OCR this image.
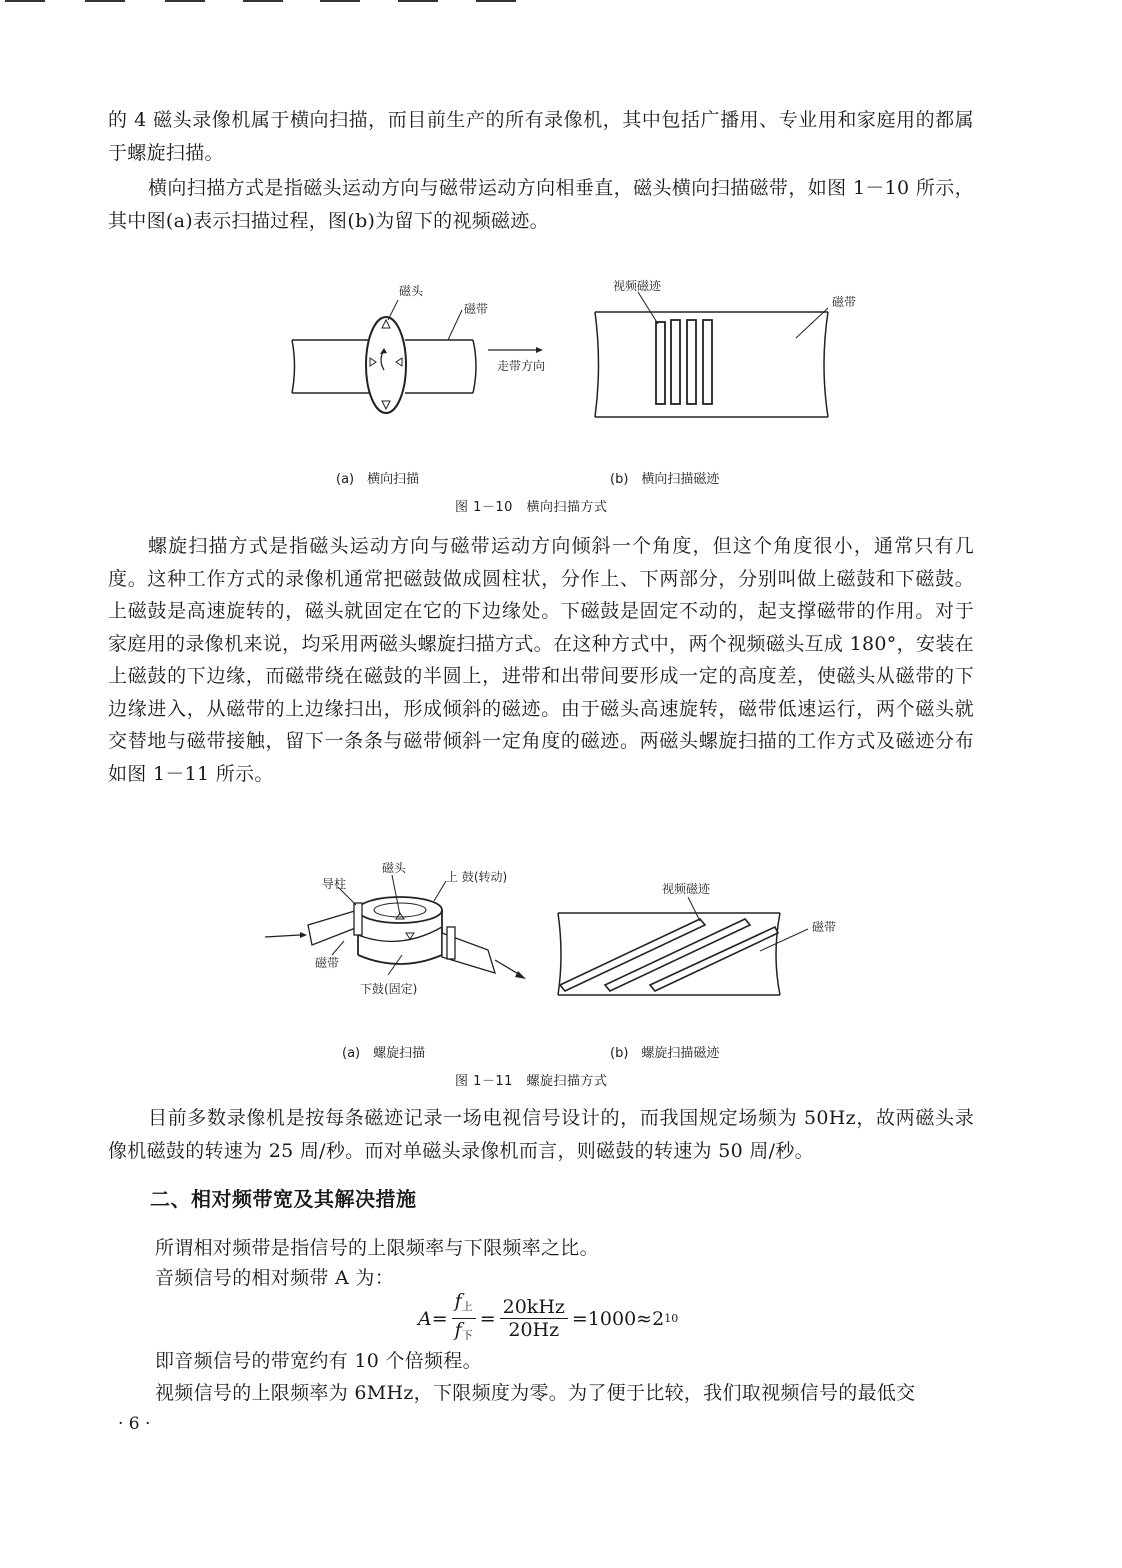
的 4 磁头录像机属于横向扫描，而目前生产的所有录像机，其中包括广播用、专业用和家庭用的都属于螺旋扫描。

横向扫描方式是指磁头运动方向与磁带运动方向相垂直，磁头横向扫描磁带，如图 1－10 所示，其中图(a)表示扫描过程，图(b)为留下的视频磁迹。

磁头
磁带
走带方向
视频磁迹
磁带
(a)　横向扫描	(b)　横向扫描磁迹
图 1－10　横向扫描方式

螺旋扫描方式是指磁头运动方向与磁带运动方向倾斜一个角度，但这个角度很小，通常只有几度。这种工作方式的录像机通常把磁鼓做成圆柱状，分作上、下两部分，分别叫做上磁鼓和下磁鼓。上磁鼓是高速旋转的，磁头就固定在它的下边缘处。下磁鼓是固定不动的，起支撑磁带的作用。对于家庭用的录像机来说，均采用两磁头螺旋扫描方式。在这种方式中，两个视频磁头互成 180°，安装在上磁鼓的下边缘，而磁带绕在磁鼓的半圆上，进带和出带间要形成一定的高度差，使磁头从磁带的下边缘进入，从磁带的上边缘扫出，形成倾斜的磁迹。由于磁头高速旋转，磁带低速运行，两个磁头就交替地与磁带接触，留下一条条与磁带倾斜一定角度的磁迹。两磁头螺旋扫描的工作方式及磁迹分布如图 1－11 所示。

导柱
磁头
上 鼓(转动)
磁带
下鼓(固定)
视频磁迹
磁带
(a)　螺旋扫描	(b)　螺旋扫描磁迹
图 1－11　螺旋扫描方式

目前多数录像机是按每条磁迹记录一场电视信号设计的，而我国规定场频为 50Hz，故两磁头录像机磁鼓的转速为 25 周/秒。而对单磁头录像机而言，则磁鼓的转速为 50 周/秒。

二、相对频带宽及其解决措施
所谓相对频带是指信号的上限频率与下限频率之比。
音频信号的相对频带 A 为：
$A = \frac{f_上}{f_下} = \frac{\text{20kHz}}{20Hz} = 1000\approx 2$ 10
即音频信号的带宽约有 10 个倍频程。
视频信号的上限频率为 6MHz，下限频度为零。为了便于比较，我们取视频信号的最低交
· 6 ·
